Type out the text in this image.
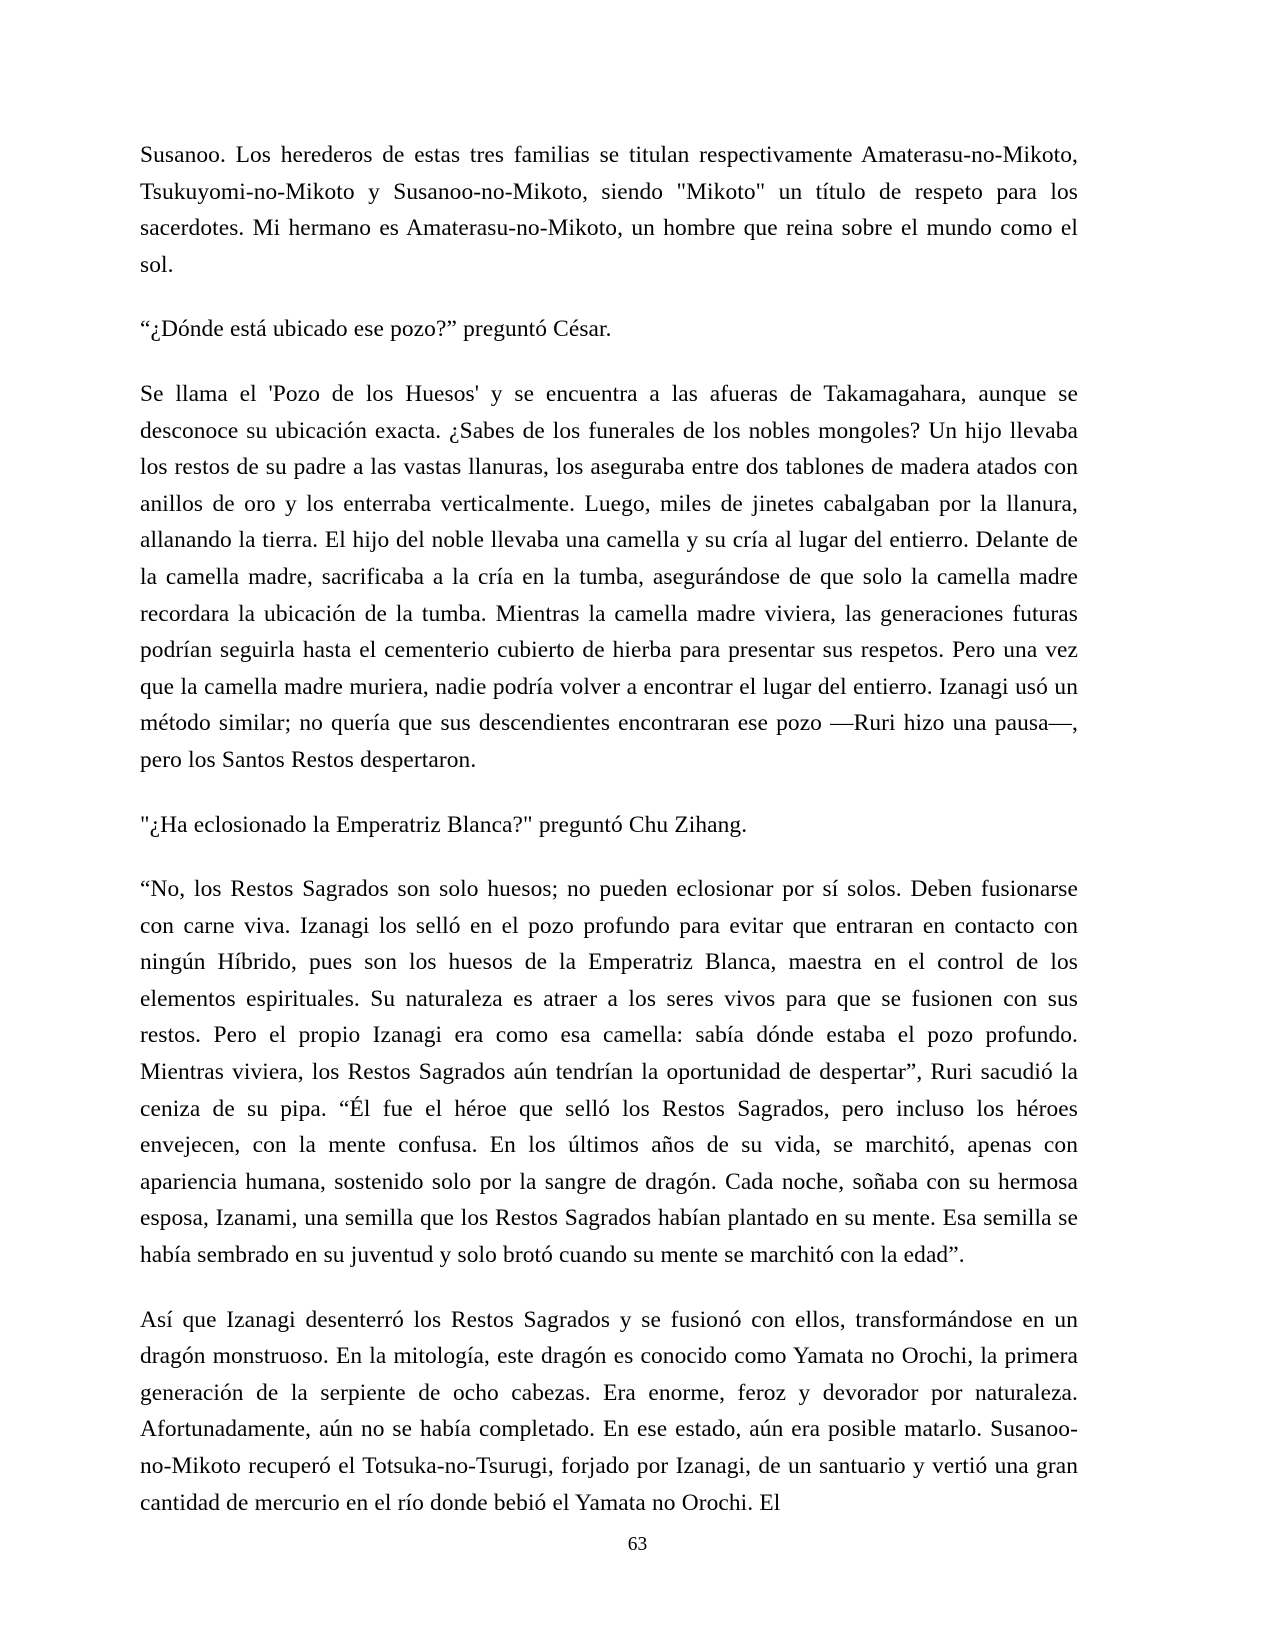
Susanoo. Los herederos de estas tres familias se titulan respectivamente Amaterasu-no-Mikoto, Tsukuyomi-no-Mikoto y Susanoo-no-Mikoto, siendo "Mikoto" un título de respeto para los sacerdotes. Mi hermano es Amaterasu-no-Mikoto, un hombre que reina sobre el mundo como el sol.

“¿Dónde está ubicado ese pozo?” preguntó César.

Se llama el 'Pozo de los Huesos' y se encuentra a las afueras de Takamagahara, aunque se desconoce su ubicación exacta. ¿Sabes de los funerales de los nobles mongoles? Un hijo llevaba los restos de su padre a las vastas llanuras, los aseguraba entre dos tablones de madera atados con anillos de oro y los enterraba verticalmente. Luego, miles de jinetes cabalgaban por la llanura, allanando la tierra. El hijo del noble llevaba una camella y su cría al lugar del entierro. Delante de la camella madre, sacrificaba a la cría en la tumba, asegurándose de que solo la camella madre recordara la ubicación de la tumba. Mientras la camella madre viviera, las generaciones futuras podrían seguirla hasta el cementerio cubierto de hierba para presentar sus respetos. Pero una vez que la camella madre muriera, nadie podría volver a encontrar el lugar del entierro. Izanagi usó un método similar; no quería que sus descendientes encontraran ese pozo —Ruri hizo una pausa—, pero los Santos Restos despertaron.

"¿Ha eclosionado la Emperatriz Blanca?" preguntó Chu Zihang.

“No, los Restos Sagrados son solo huesos; no pueden eclosionar por sí solos. Deben fusionarse con carne viva. Izanagi los selló en el pozo profundo para evitar que entraran en contacto con ningún Híbrido, pues son los huesos de la Emperatriz Blanca, maestra en el control de los elementos espirituales. Su naturaleza es atraer a los seres vivos para que se fusionen con sus restos. Pero el propio Izanagi era como esa camella: sabía dónde estaba el pozo profundo. Mientras viviera, los Restos Sagrados aún tendrían la oportunidad de despertar”, Ruri sacudió la ceniza de su pipa. “Él fue el héroe que selló los Restos Sagrados, pero incluso los héroes envejecen, con la mente confusa. En los últimos años de su vida, se marchitó, apenas con apariencia humana, sostenido solo por la sangre de dragón. Cada noche, soñaba con su hermosa esposa, Izanami, una semilla que los Restos Sagrados habían plantado en su mente. Esa semilla se había sembrado en su juventud y solo brotó cuando su mente se marchitó con la edad”.

Así que Izanagi desenterró los Restos Sagrados y se fusionó con ellos, transformándose en un dragón monstruoso. En la mitología, este dragón es conocido como Yamata no Orochi, la primera generación de la serpiente de ocho cabezas. Era enorme, feroz y devorador por naturaleza. Afortunadamente, aún no se había completado. En ese estado, aún era posible matarlo. Susanoo-no-Mikoto recuperó el Totsuka-no-Tsurugi, forjado por Izanagi, de un santuario y vertió una gran cantidad de mercurio en el río donde bebió el Yamata no Orochi. El

63
